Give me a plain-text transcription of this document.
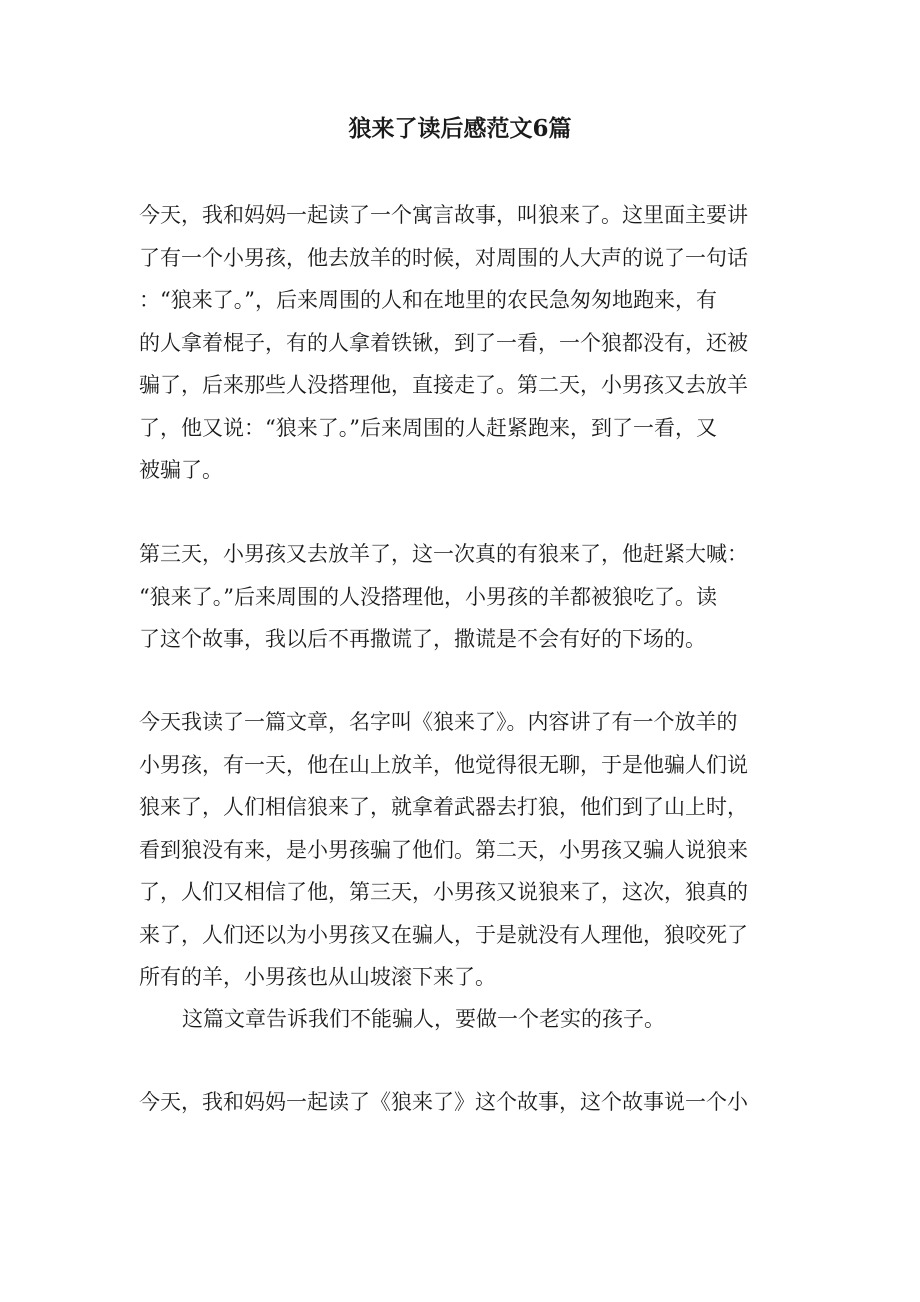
狼来了读后感范文6篇
今天，我和妈妈一起读了一个寓言故事，叫狼来了。这里面主要讲
了有一个小男孩，他去放羊的时候，对周围的人大声的说了一句话
：“狼来了。”，后来周围的人和在地里的农民急匆匆地跑来，有
的人拿着棍子，有的人拿着铁锹，到了一看，一个狼都没有，还被
骗了，后来那些人没搭理他，直接走了。第二天，小男孩又去放羊
了，他又说：“狼来了。”后来周围的人赶紧跑来，到了一看，又
被骗了。
第三天，小男孩又去放羊了，这一次真的有狼来了，他赶紧大喊：
“狼来了。”后来周围的人没搭理他，小男孩的羊都被狼吃了。读
了这个故事，我以后不再撒谎了，撒谎是不会有好的下场的。
今天我读了一篇文章，名字叫《狼来了》。内容讲了有一个放羊的
小男孩，有一天，他在山上放羊，他觉得很无聊，于是他骗人们说
狼来了，人们相信狼来了，就拿着武器去打狼，他们到了山上时，
看到狼没有来，是小男孩骗了他们。第二天，小男孩又骗人说狼来
了，人们又相信了他，第三天，小男孩又说狼来了，这次，狼真的
来了，人们还以为小男孩又在骗人，于是就没有人理他，狼咬死了
所有的羊，小男孩也从山坡滚下来了。
这篇文章告诉我们不能骗人，要做一个老实的孩子。
今天，我和妈妈一起读了《狼来了》这个故事，这个故事说一个小
